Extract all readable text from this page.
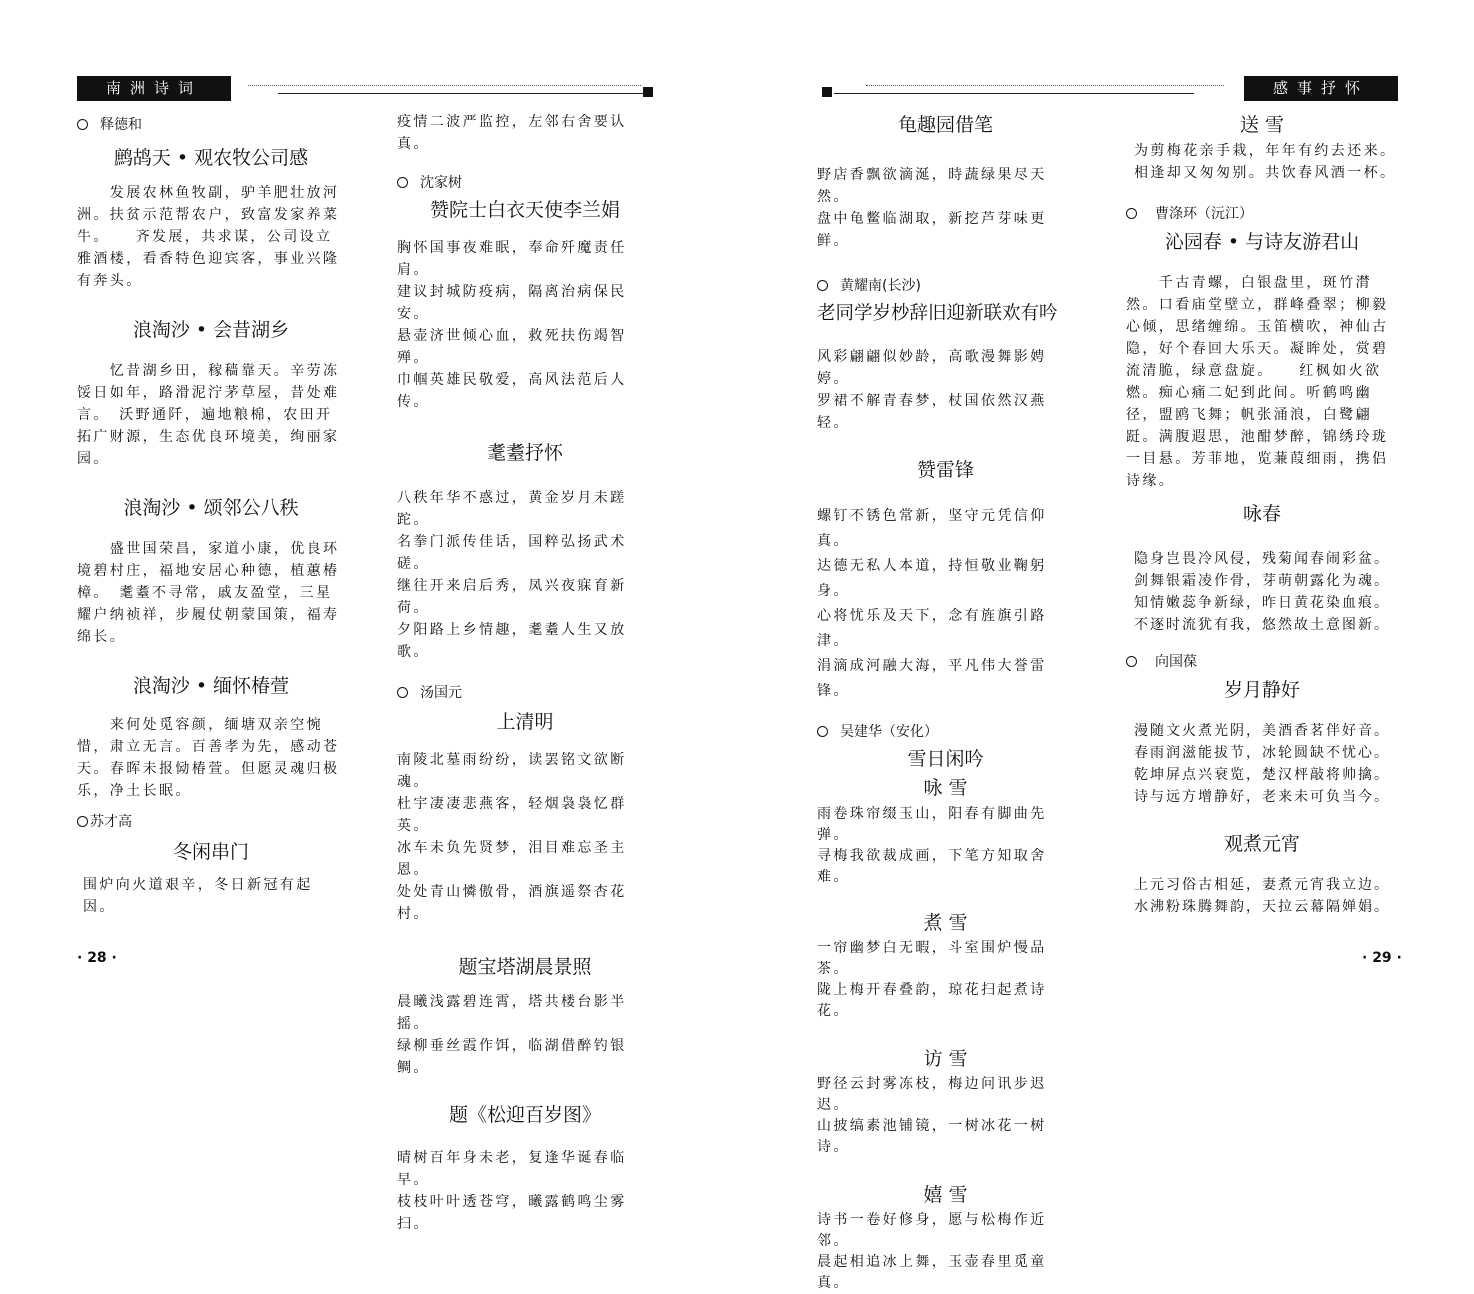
南洲诗词
释德和
鹧鸪天 • 观农牧公司感
　　发展农林鱼牧副，驴羊肥壮放河洲。扶贫示范帮农户，致富发家养菜牛。　　齐发展，共求谋，公司设立雅酒楼，看香特色迎宾客，事业兴隆有奔头。
浪淘沙 • 会昔湖乡
　　忆昔湖乡田，稼穑靠天。辛劳冻馁日如年，路滑泥泞茅草屋，昔处难言。　沃野通阡，遍地粮棉，农田开拓广财源，生态优良环境美，绚丽家园。
浪淘沙 • 颂邻公八秩
　　盛世国荣昌，家道小康，优良环境碧村庄，福地安居心种德，植蕙椿樟。　耄耋不寻常，戚友盈堂，三星耀户纳祯祥，步履仗朝蒙国策，福寿绵长。
浪淘沙 • 缅怀椿萱
　　来何处觅容颜，缅塘双亲空惋惜，肃立无言。百善孝为先，感动苍天。春晖未报恸椿萱。但愿灵魂归极乐，净土长眠。
苏才高
冬闲串门
围炉向火道艰辛，冬日新冠有起因。
疫情二波严监控，左邻右舍要认真。
沈家树
赞院士白衣天使李兰娟
胸怀国事夜难眠，奉命歼魔责任肩。
建议封城防疫病，隔离治病保民安。
悬壶济世倾心血，救死扶伤竭智殚。
巾帼英雄民敬爱，高风法范后人传。
耄耋抒怀
八秩年华不惑过，黄金岁月未蹉跎。
名拳门派传佳话，国粹弘扬武术磋。
继往开来启后秀，凤兴夜寐育新荷。
夕阳路上乡情趣，耄耋人生又放歌。
汤国元
上清明
南陵北墓雨纷纷，读罢铭文欲断魂。
杜宇凄凄悲燕客，轻烟袅袅忆群英。
冰车未负先贤梦，泪目难忘圣主恩。
处处青山憐傲骨，酒旗遥祭杏花村。
题宝塔湖晨景照
晨曦浅露碧连霄，塔共楼台影半摇。
绿柳垂丝霞作饵，临湖借醉钓银鲷。
题《松迎百岁图》
晴树百年身未老，复逢华诞春临早。
枝枝叶叶透苍穹，曦露鹤鸣尘雾扫。
· 28 ·
感事抒怀
龟趣园借笔
野店香飘欲滴涎，時蔬绿果尽天然。
盘中龟鳖临湖取，新挖芦芽味更鲜。
黄耀南(长沙)
老同学岁杪辞旧迎新联欢有吟
风彩翩翩似妙龄，高歌漫舞影娉婷。
罗裙不解青春梦，杖国依然汉燕轻。
赞雷锋
螺钉不锈色常新，坚守元凭信仰真。
达德无私人本道，持恒敬业鞠躬身。
心将忧乐及天下，念有旌旗引路津。
涓滴成河融大海，平凡伟大誉雷锋。
吴建华（安化）
雪日闲吟
咏 雪
雨卷珠帘缀玉山，阳春有脚曲先弹。
寻梅我欲裁成画，下笔方知取舍难。
煮 雪
一帘幽梦白无暇，斗室围炉慢品茶。
陇上梅开春叠韵，琼花扫起煮诗花。
访 雪
野径云封雾冻枝，梅边问讯步迟迟。
山披缟素池铺镜，一树冰花一树诗。
嬉 雪
诗书一卷好修身，愿与松梅作近邻。
晨起相追冰上舞，玉壶春里觅童真。
送 雪
为剪梅花亲手栽，年年有约去还来。
相逢却又匆匆别。共饮春风酒一杯。
曹涤环（沅江）
沁园春 • 与诗友游君山
　　千古青螺，白银盘里，斑竹潸然。口看庙堂壁立，群峰叠翠；柳毅心倾，思绪缠绵。玉笛横吹，神仙古隐，好个春回大乐天。凝眸处，赏碧流清脆，绿意盘旋。　　红枫如火欲燃。痴心痛二妃到此间。听鹤鸣幽径，盟鸥飞舞；帆张涌浪，白鹭翩跹。满腹遐思，池酣梦醉，锦绣玲珑一目悬。芳菲地，览蒹葭细雨，携侣诗缘。
咏春
隐身岂畏冷风侵，残菊闻春闹彩盆。
剑舞银霜凌作骨，芽萌朝露化为魂。
知情嫩蕊争新绿，昨日黄花染血痕。
不逐时流犹有我，悠然故土意图新。
向国葆
岁月静好
漫随文火煮光阴，美酒香茗伴好音。
春雨润滋能拔节，冰轮圆缺不忧心。
乾坤屏点兴衰览，楚汉枰敲将帅擒。
诗与远方增静好，老来未可负当今。
观煮元宵
上元习俗古相延，妻煮元宵我立边。
水沸粉珠腾舞韵，天拉云幕隔婵娟。
· 29 ·
